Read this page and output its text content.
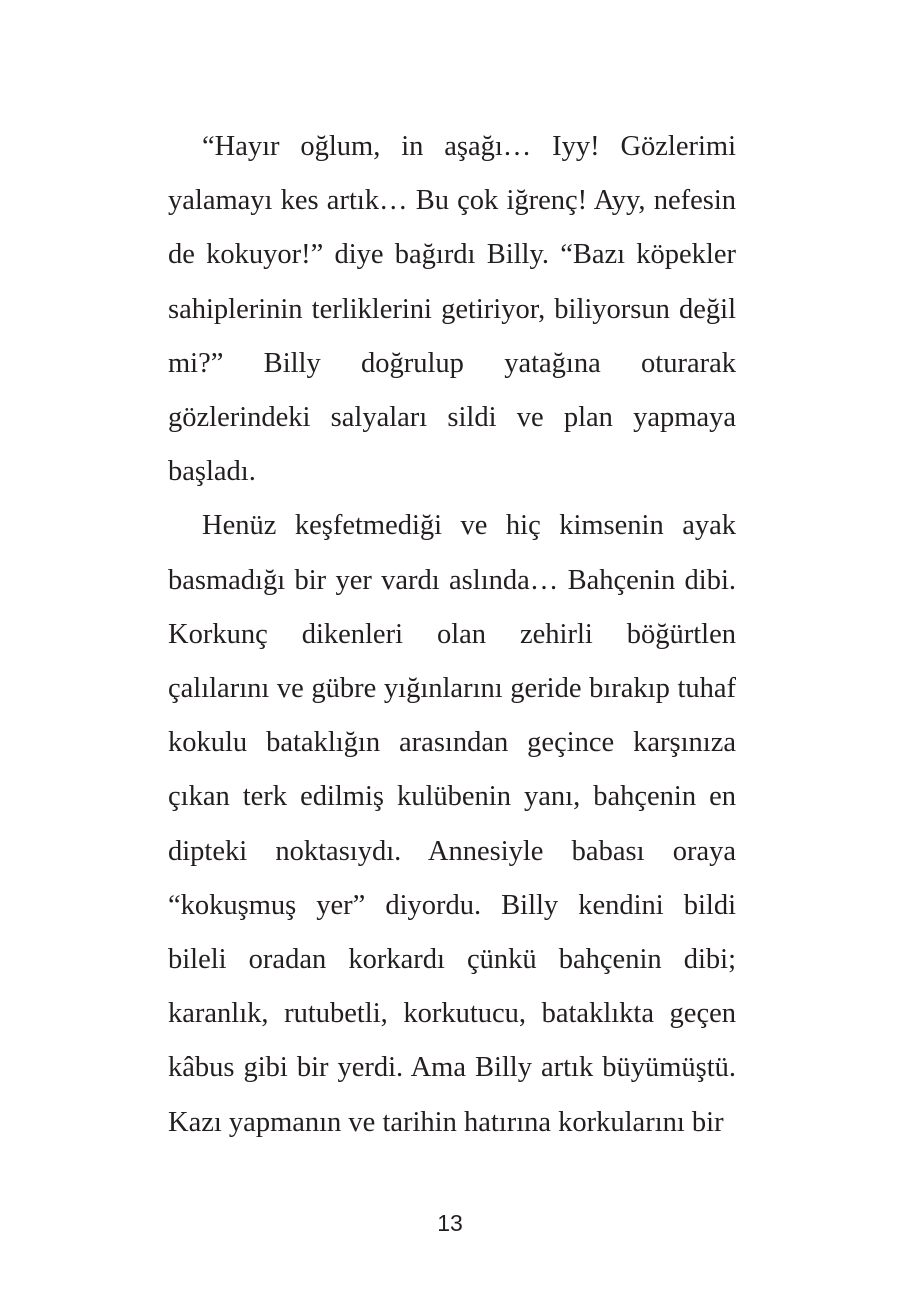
“Hayır oğlum, in aşağı… Iyy! Gözlerimi yalamayı kes artık… Bu çok iğrenç! Ayy, nefesin de kokuyor!” diye bağırdı Billy. “Bazı köpekler sahiplerinin terliklerini getiriyor, biliyorsun değil mi?” Billy doğrulup yatağına oturarak gözlerindeki salyaları sildi ve plan yapmaya başladı.

Henüz keşfetmediği ve hiç kimsenin ayak basmadığı bir yer vardı aslında… Bahçenin dibi. Korkunç dikenleri olan zehirli böğürtlen çalılarını ve gübre yığınlarını geride bırakıp tuhaf kokulu bataklığın arasından geçince karşınıza çıkan terk edilmiş kulübenin yanı, bahçenin en dipteki noktasıydı. Annesiyle babası oraya “kokuşmuş yer” diyordu. Billy kendini bildi bileli oradan korkardı çünkü bahçenin dibi; karanlık, rutubetli, korkutucu, bataklıkta geçen kâbus gibi bir yerdi. Ama Billy artık büyümüştü. Kazı yapmanın ve tarihin hatırına korkularını bir

13
